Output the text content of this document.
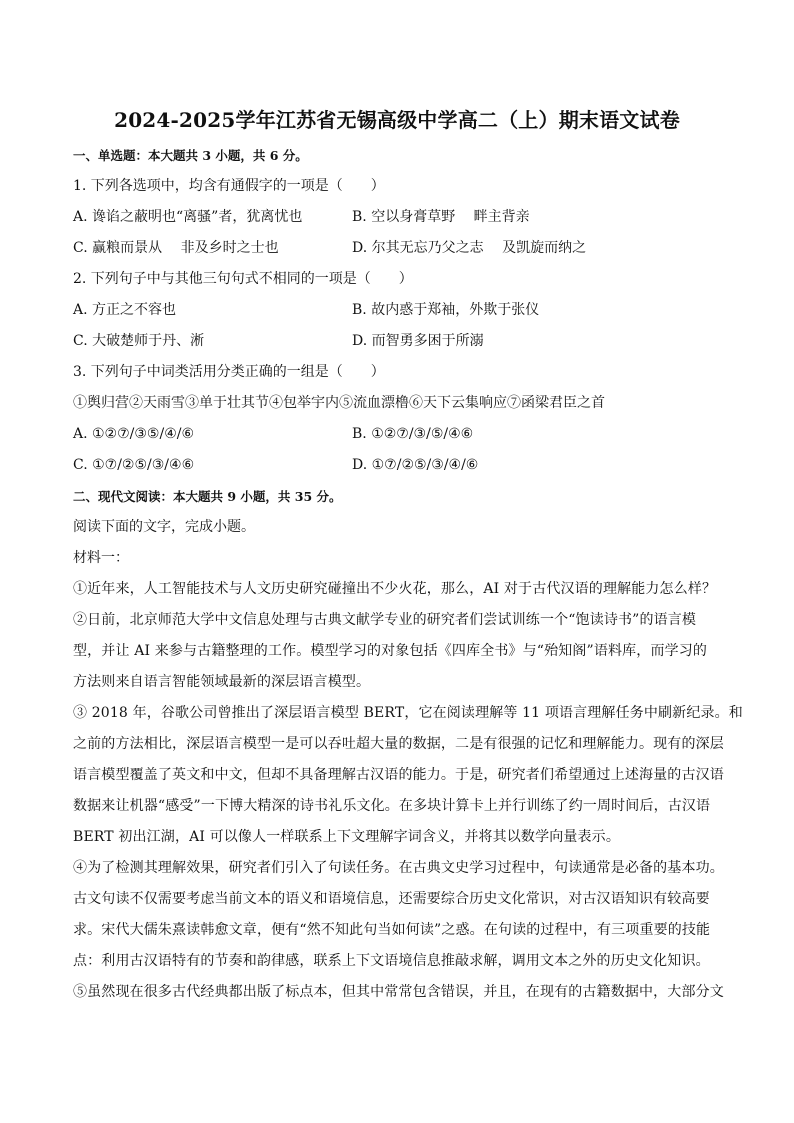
2024-2025学年江苏省无锡高级中学高二（上）期末语文试卷
一、单选题：本大题共 3 小题，共 6 分。
1. 下列各选项中，均含有通假字的一项是（　　）
A. 谗谄之蔽明也“离骚”者，犹离忧也	B. 空以身膏草野　 畔主背亲
C. 赢粮而景从　 非及乡时之士也	D. 尔其无忘乃父之志　 及凯旋而纳之
2. 下列句子中与其他三句句式不相同的一项是（　　）
A. 方正之不容也	B. 故内惑于郑袖，外欺于张仪
C. 大破楚师于丹、淅	D. 而智勇多困于所溺
3. 下列句子中词类活用分类正确的一组是（　　）
①舆归营②天雨雪③单于壮其节④包举宇内⑤流血漂橹⑥天下云集响应⑦函梁君臣之首
A. ①②⑦/③⑤/④/⑥	B. ①②⑦/③/⑤/④⑥
C. ①⑦/②⑤/③/④⑥	D. ①⑦/②⑤/③/④/⑥
二、现代文阅读：本大题共 9 小题，共 35 分。
阅读下面的文字，完成小题。
材料一：
①近年来，人工智能技术与人文历史研究碰撞出不少火花，那么，AI 对于古代汉语的理解能力怎么样？
②日前，北京师范大学中文信息处理与古典文献学专业的研究者们尝试训练一个“饱读诗书”的语言模
型，并让 AI 来参与古籍整理的工作。模型学习的对象包括《四库全书》与“殆知阁”语料库，而学习的
方法则来自语言智能领域最新的深层语言模型。
③ 2018 年，谷歌公司曾推出了深层语言模型 BERT，它在阅读理解等 11 项语言理解任务中刷新纪录。和
之前的方法相比，深层语言模型一是可以吞吐超大量的数据，二是有很强的记忆和理解能力。现有的深层
语言模型覆盖了英文和中文，但却不具备理解古汉语的能力。于是，研究者们希望通过上述海量的古汉语
数据来让机器“感受”一下博大精深的诗书礼乐文化。在多块计算卡上并行训练了约一周时间后，古汉语
BERT 初出江湖，AI 可以像人一样联系上下文理解字词含义，并将其以数学向量表示。
④为了检测其理解效果，研究者们引入了句读任务。在古典文史学习过程中，句读通常是必备的基本功。
古文句读不仅需要考虑当前文本的语义和语境信息，还需要综合历史文化常识，对古汉语知识有较高要
求。宋代大儒朱熹读韩愈文章，便有“然不知此句当如何读”之惑。在句读的过程中，有三项重要的技能
点：利用古汉语特有的节奏和韵律感，联系上下文语境信息推敲求解，调用文本之外的历史文化知识。
⑤虽然现在很多古代经典都出版了标点本，但其中常常包含错误，并且，在现有的古籍数据中，大部分文
